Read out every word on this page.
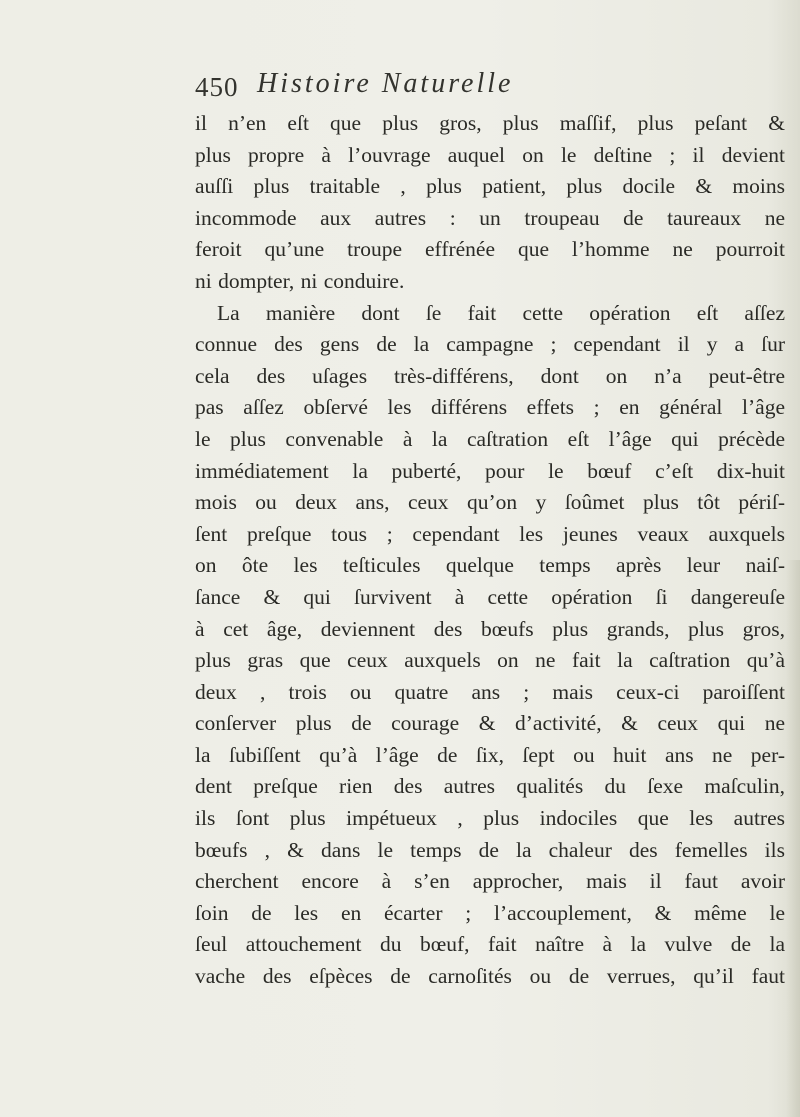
450 Histoire Naturelle
il n’en eſt que plus gros, plus maſſif, plus peſant &
plus propre à l’ouvrage auquel on le deſtine ; il devient
auſſi plus traitable , plus patient, plus docile & moins
incommode aux autres : un troupeau de taureaux ne
feroit qu’une troupe effrénée que l’homme ne pourroit
ni dompter, ni conduire.
La manière dont ſe fait cette opération eſt aſſez
connue des gens de la campagne ; cependant il y a ſur
cela des uſages très-différens, dont on n’a peut-être
pas aſſez obſervé les différens effets ; en général l’âge
le plus convenable à la caſtration eſt l’âge qui précède
immédiatement la puberté, pour le bœuf c’eſt dix-huit
mois ou deux ans, ceux qu’on y ſoûmet plus tôt périſ-
ſent preſque tous ; cependant les jeunes veaux auxquels
on ôte les teſticules quelque temps après leur naiſ-
ſance & qui ſurvivent à cette opération ſi dangereuſe
à cet âge, deviennent des bœufs plus grands, plus gros,
plus gras que ceux auxquels on ne fait la caſtration qu’à
deux , trois ou quatre ans ; mais ceux-ci paroiſſent
conſerver plus de courage & d’activité, & ceux qui ne
la ſubiſſent qu’à l’âge de ſix, ſept ou huit ans ne per-
dent preſque rien des autres qualités du ſexe maſculin,
ils ſont plus impétueux , plus indociles que les autres
bœufs , & dans le temps de la chaleur des femelles ils
cherchent encore à s’en approcher, mais il faut avoir
ſoin de les en écarter ; l’accouplement, & même le
ſeul attouchement du bœuf, fait naître à la vulve de la
vache des eſpèces de carnoſités ou de verrues, qu’il faut
